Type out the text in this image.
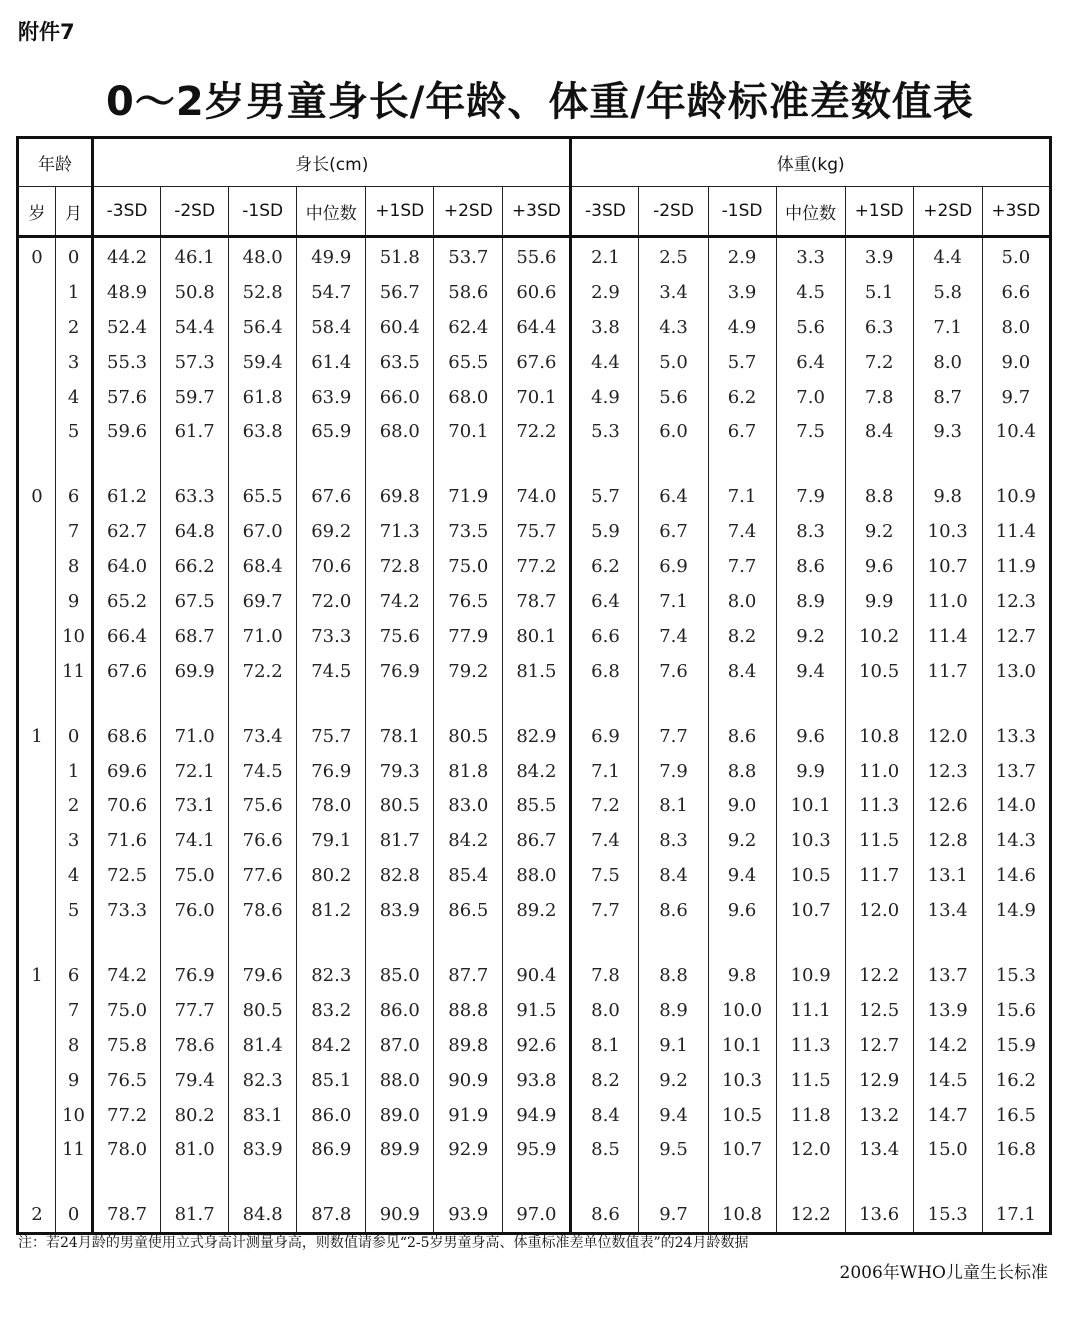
附件7
0～2岁男童身长/年龄、体重/年龄标准差数值表
年龄		身长(cm)							体重(kg)						
岁	月	-3SD	-2SD	-1SD	中位数	+1SD	+2SD	+3SD	-3SD	-2SD	-1SD	中位数	+1SD	+2SD	+3SD
0	0	44.2	46.1	48.0	49.9	51.8	53.7	55.6	2.1	2.5	2.9	3.3	3.9	4.4	5.0
	1	48.9	50.8	52.8	54.7	56.7	58.6	60.6	2.9	3.4	3.9	4.5	5.1	5.8	6.6
	2	52.4	54.4	56.4	58.4	60.4	62.4	64.4	3.8	4.3	4.9	5.6	6.3	7.1	8.0
	3	55.3	57.3	59.4	61.4	63.5	65.5	67.6	4.4	5.0	5.7	6.4	7.2	8.0	9.0
	4	57.6	59.7	61.8	63.9	66.0	68.0	70.1	4.9	5.6	6.2	7.0	7.8	8.7	9.7
	5	59.6	61.7	63.8	65.9	68.0	70.1	72.2	5.3	6.0	6.7	7.5	8.4	9.3	10.4

0	6	61.2	63.3	65.5	67.6	69.8	71.9	74.0	5.7	6.4	7.1	7.9	8.8	9.8	10.9
	7	62.7	64.8	67.0	69.2	71.3	73.5	75.7	5.9	6.7	7.4	8.3	9.2	10.3	11.4
	8	64.0	66.2	68.4	70.6	72.8	75.0	77.2	6.2	6.9	7.7	8.6	9.6	10.7	11.9
	9	65.2	67.5	69.7	72.0	74.2	76.5	78.7	6.4	7.1	8.0	8.9	9.9	11.0	12.3
	10	66.4	68.7	71.0	73.3	75.6	77.9	80.1	6.6	7.4	8.2	9.2	10.2	11.4	12.7
	11	67.6	69.9	72.2	74.5	76.9	79.2	81.5	6.8	7.6	8.4	9.4	10.5	11.7	13.0

1	0	68.6	71.0	73.4	75.7	78.1	80.5	82.9	6.9	7.7	8.6	9.6	10.8	12.0	13.3
	1	69.6	72.1	74.5	76.9	79.3	81.8	84.2	7.1	7.9	8.8	9.9	11.0	12.3	13.7
	2	70.6	73.1	75.6	78.0	80.5	83.0	85.5	7.2	8.1	9.0	10.1	11.3	12.6	14.0
	3	71.6	74.1	76.6	79.1	81.7	84.2	86.7	7.4	8.3	9.2	10.3	11.5	12.8	14.3
	4	72.5	75.0	77.6	80.2	82.8	85.4	88.0	7.5	8.4	9.4	10.5	11.7	13.1	14.6
	5	73.3	76.0	78.6	81.2	83.9	86.5	89.2	7.7	8.6	9.6	10.7	12.0	13.4	14.9

1	6	74.2	76.9	79.6	82.3	85.0	87.7	90.4	7.8	8.8	9.8	10.9	12.2	13.7	15.3
	7	75.0	77.7	80.5	83.2	86.0	88.8	91.5	8.0	8.9	10.0	11.1	12.5	13.9	15.6
	8	75.8	78.6	81.4	84.2	87.0	89.8	92.6	8.1	9.1	10.1	11.3	12.7	14.2	15.9
	9	76.5	79.4	82.3	85.1	88.0	90.9	93.8	8.2	9.2	10.3	11.5	12.9	14.5	16.2
	10	77.2	80.2	83.1	86.0	89.0	91.9	94.9	8.4	9.4	10.5	11.8	13.2	14.7	16.5
	11	78.0	81.0	83.9	86.9	89.9	92.9	95.9	8.5	9.5	10.7	12.0	13.4	15.0	16.8

2	0	78.7	81.7	84.8	87.8	90.9	93.9	97.0	8.6	9.7	10.8	12.2	13.6	15.3	17.1
注：若24月龄的男童使用立式身高计测量身高，则数值请参见“2-5岁男童身高、体重标准差单位数值表”的24月龄数据
2006年WHO儿童生长标准
